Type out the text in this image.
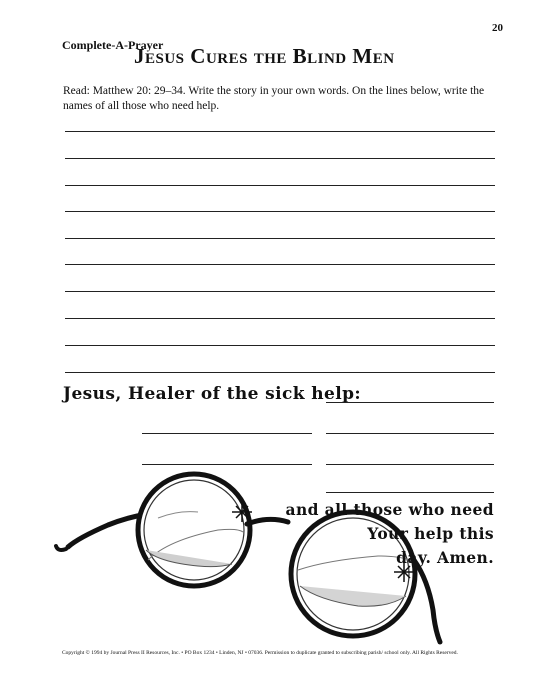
20
Complete-A-Prayer
Jesus Cures the Blind Men
Read: Matthew 20: 29–34. Write the story in your own words. On the lines below, write the names of all those who need help.
Jesus, Healer of the sick help:
and all those who need
Your help this
day. Amen.
Copyright © 1994 by Journal Press II Resources, Inc. • PO Box 1234 • Linden, NJ • 07036. Permission to duplicate granted to subscribing parish/ school only. All Rights Reserved.
